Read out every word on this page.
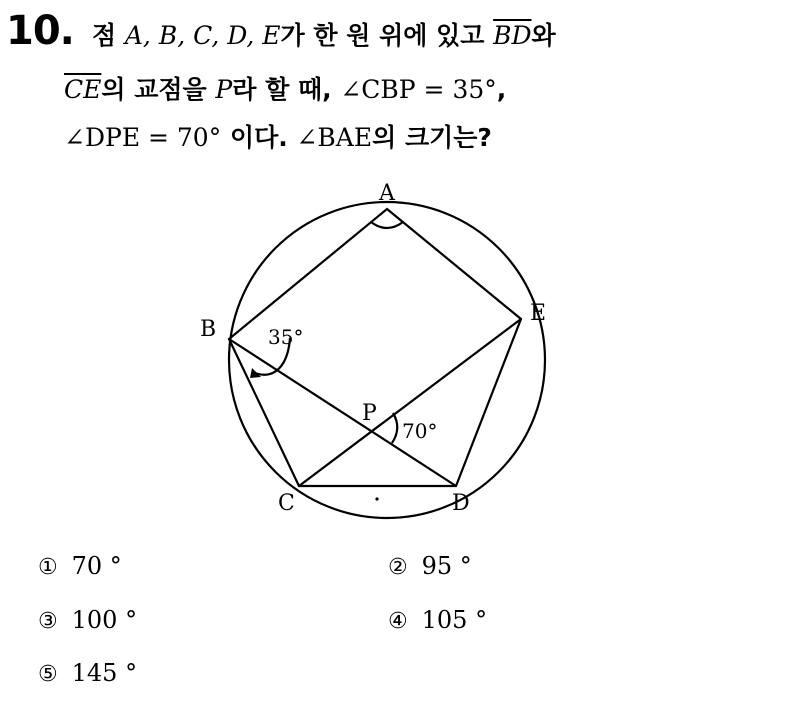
10. 점 A, B, C, D, E가 한 원 위에 있고 $\overline{BD}$와
$\overline{CE}$의 교점을 P라 할 때, ∠CBP = 35°,
∠DPE = 70° 이다. ∠BAE의 크기는?
A
B
C	D
E
P
35°
70°
① 70 °	② 95 °
③ 100 °	④ 105 °
⑤ 145 °
